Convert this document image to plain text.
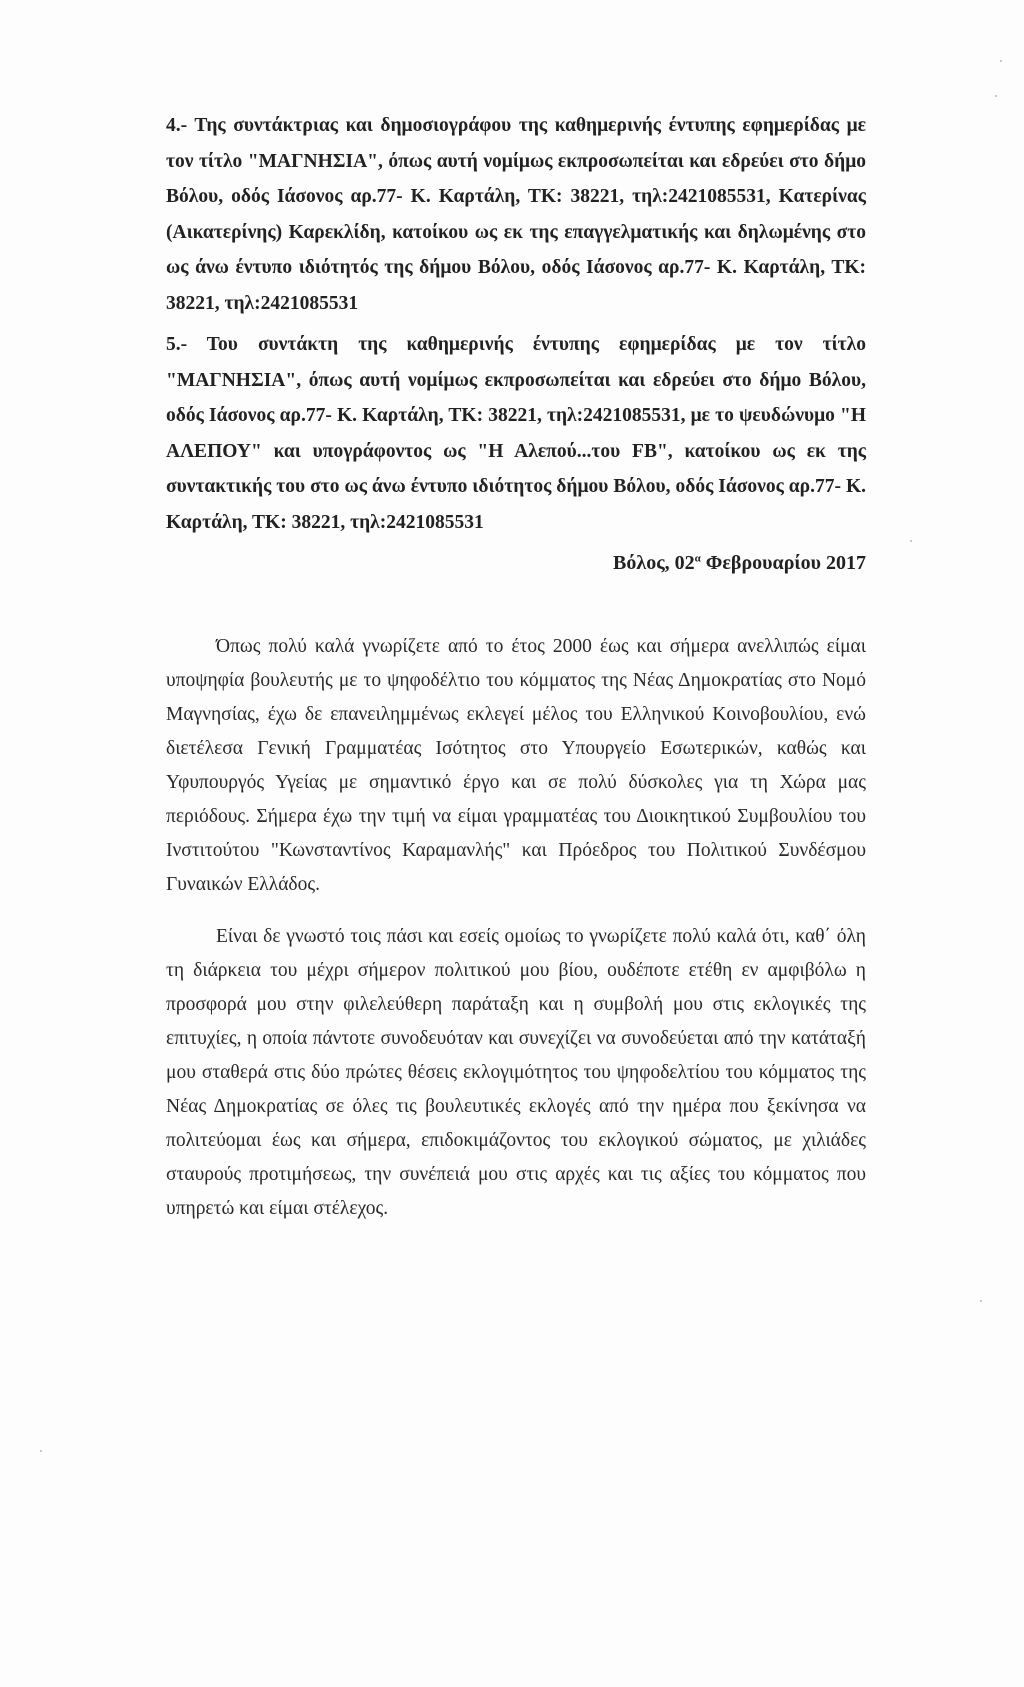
4.- Της συντάκτριας και δημοσιογράφου της καθημερινής έντυπης εφημερίδας με τον τίτλο "ΜΑΓΝΗΣΙΑ", όπως αυτή νομίμως εκπροσωπείται και εδρεύει στο δήμο Βόλου, οδός Ιάσονος αρ.77- Κ. Καρτάλη, ΤΚ: 38221, τηλ:2421085531, Κατερίνας (Αικατερίνης) Καρεκλίδη, κατοίκου ως εκ της επαγγελματικής και δηλωμένης στο ως άνω έντυπο ιδιότητός της δήμου Βόλου, οδός Ιάσονος αρ.77- Κ. Καρτάλη, ΤΚ: 38221, τηλ:2421085531

5.- Του συντάκτη της καθημερινής έντυπης εφημερίδας με τον τίτλο "ΜΑΓΝΗΣΙΑ", όπως αυτή νομίμως εκπροσωπείται και εδρεύει στο δήμο Βόλου, οδός Ιάσονος αρ.77- Κ. Καρτάλη, ΤΚ: 38221, τηλ:2421085531, με το ψευδώνυμο "Η ΑΛΕΠΟΥ" και υπογράφοντος ως "Η Αλεπού...του FB", κατοίκου ως εκ της συντακτικής του στο ως άνω έντυπο ιδιότητος δήμου Βόλου, οδός Ιάσονος αρ.77- Κ. Καρτάλη, ΤΚ: 38221, τηλ:2421085531

Βόλος, $02^\alpha$ Φεβρουαρίου 2017

Όπως πολύ καλά γνωρίζετε από το έτος 2000 έως και σήμερα ανελλιπώς είμαι υποψηφία βουλευτής με το ψηφοδέλτιο του κόμματος της Νέας Δημοκρατίας στο Νομό Μαγνησίας, έχω δε επανειλημμένως εκλεγεί μέλος του Ελληνικού Κοινοβουλίου, ενώ διετέλεσα Γενική Γραμματέας Ισότητος στο Υπουργείο Εσωτερικών, καθώς και Υφυπουργός Υγείας με σημαντικό έργο και σε πολύ δύσκολες για τη Χώρα μας περιόδους. Σήμερα έχω την τιμή να είμαι γραμματέας του Διοικητικού Συμβουλίου του Ινστιτούτου "Κωνσταντίνος Καραμανλής" και Πρόεδρος του Πολιτικού Συνδέσμου Γυναικών Ελλάδος.

Είναι δε γνωστό τοις πάσι και εσείς ομοίως το γνωρίζετε πολύ καλά ότι, καθ΄ όλη τη διάρκεια του μέχρι σήμερον πολιτικού μου βίου, ουδέποτε ετέθη εν αμφιβόλω η προσφορά μου στην φιλελεύθερη παράταξη και η συμβολή μου στις εκλογικές της επιτυχίες, η οποία πάντοτε συνοδευόταν και συνεχίζει να συνοδεύεται από την κατάταξή μου σταθερά στις δύο πρώτες θέσεις εκλογιμότητος του ψηφοδελτίου του κόμματος της Νέας Δημοκρατίας σε όλες τις βουλευτικές εκλογές από την ημέρα που ξεκίνησα να πολιτεύομαι έως και σήμερα, επιδοκιμάζοντος του εκλογικού σώματος, με χιλιάδες σταυρούς προτιμήσεως, την συνέπειά μου στις αρχές και τις αξίες του κόμματος που υπηρετώ και είμαι στέλεχος.
